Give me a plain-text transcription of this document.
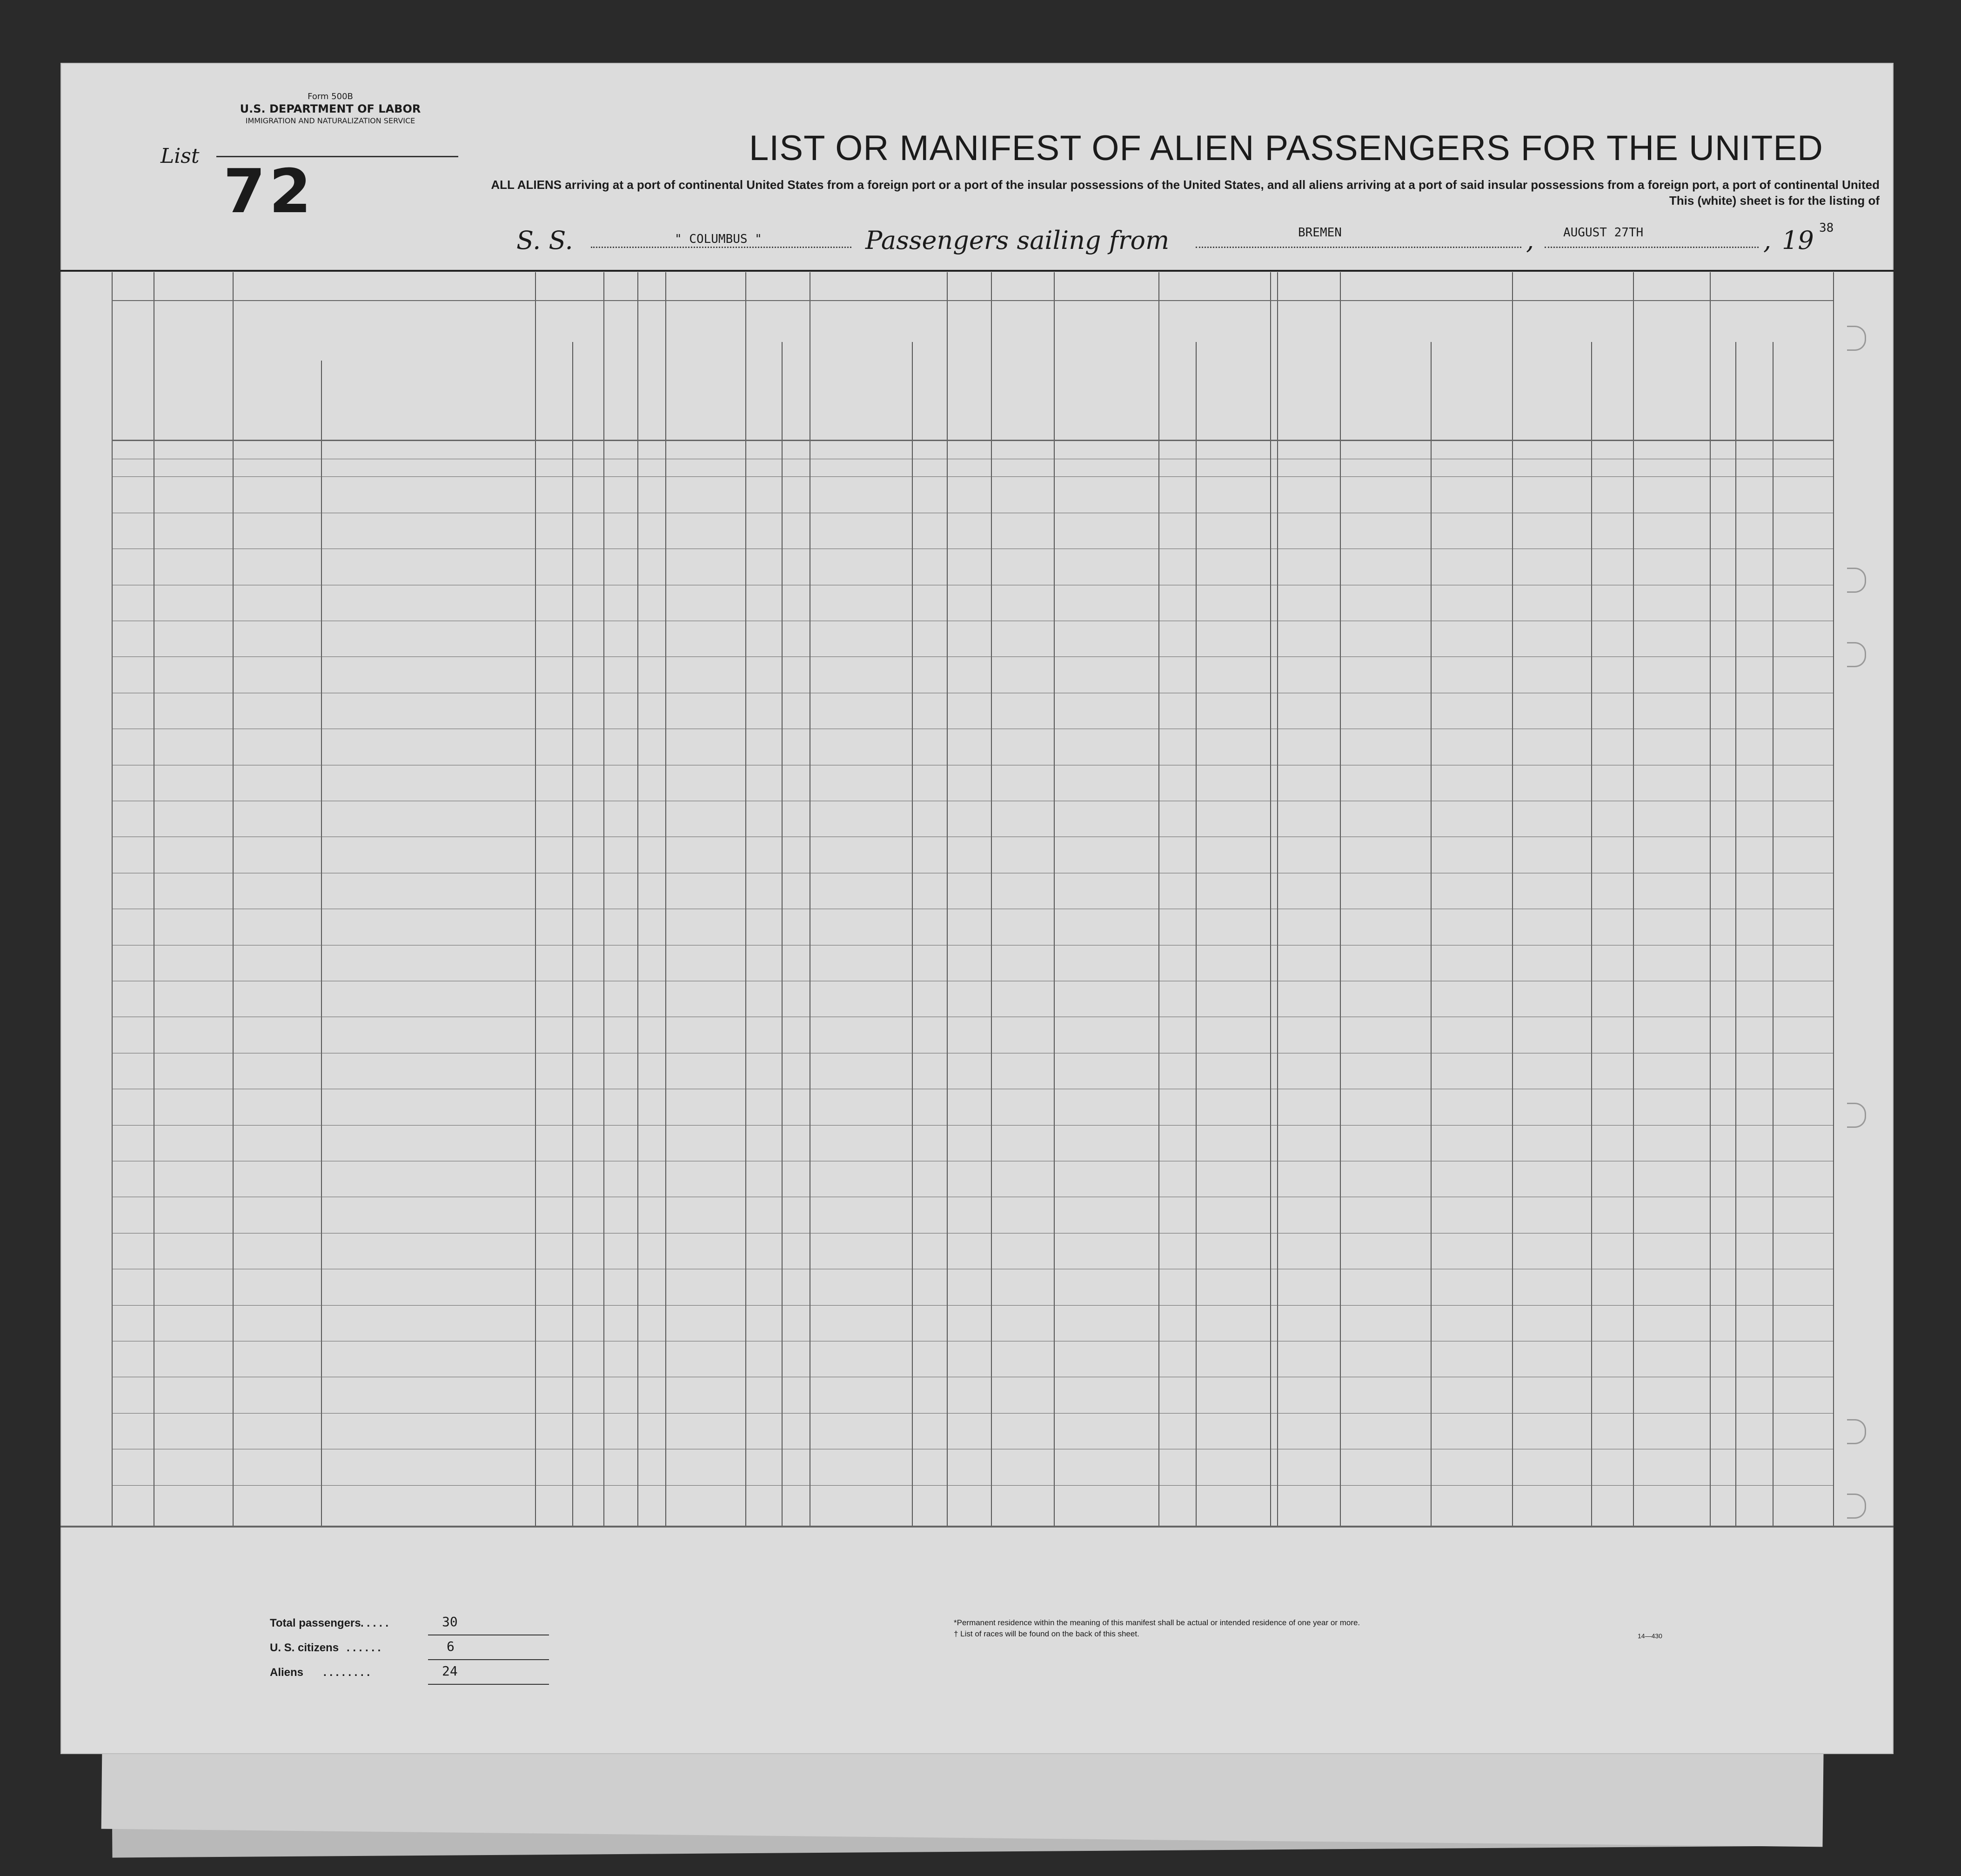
Form 500B
U.S. DEPARTMENT OF LABOR
IMMIGRATION AND NATURALIZATION SERVICE
List 72
LIST OR MANIFEST OF ALIEN PASSENGERS FOR THE UNITED
ALL ALIENS arriving at a port of continental United States from a foreign port or a port of the insular possessions of the United States, and all aliens arriving at a port of said insular possessions from a foreign port, a port of continental United
This (white) sheet is for the listing of
S. S.	" COLUMBUS "	Passengers sailing from	BREMEN	, AUGUST 27TH	, 19 38
Total passengers . . . . .	30
U. S. citizens . . . . . .	6
Aliens . . . . . . . .	24
*Permanent residence within the meaning of this manifest shall be actual or intended residence of one year or more.
† List of races will be found on the back of this sheet.	14—430
